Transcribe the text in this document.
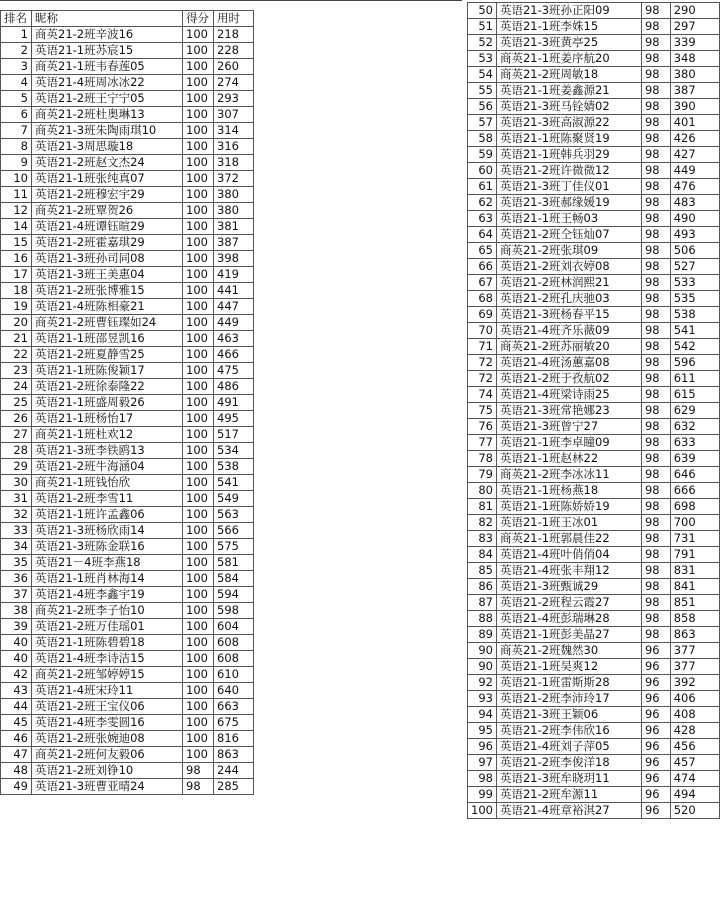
排名	昵称	得分	用时
1	商英21-2班辛波16	100	218
2	英语21-1班苏宸15	100	228
3	商英21-1班韦春莲05	100	260
4	英语21-4班周冰冰22	100	274
5	英语21-2班王宁宁05	100	293
6	商英21-2班杜奥琳13	100	307
7	商英21-3班朱陶雨琪10	100	314
8	英语21-3周思璇18	100	316
9	英语21-2班赵文杰24	100	318
10	英语21-1班张纯真07	100	372
11	英语21-2班穆宏宇29	100	380
12	商英21-2班覃贺26	100	380
14	英语21-4班谭钰暄29	100	381
15	英语21-2班霍嘉琪29	100	387
16	英语21-3班孙司同08	100	398
17	英语21-3班王美惠04	100	419
18	英语21-2班张博雅15	100	441
19	英语21-4班陈相豪21	100	447
20	商英21-2班曹钰璨如24	100	449
21	英语21-1班邵昱凯16	100	463
22	英语21-2班夏静雪25	100	466
23	英语21-1班陈俊颖17	100	475
24	英语21-2班徐泰隆22	100	486
25	英语21-1班盛周毅26	100	491
26	英语21-1班杨怡17	100	495
27	商英21-1班杜欢12	100	517
28	英语21-3班李铁鸥13	100	534
29	英语21-2班牛海涵04	100	538
30	商英21-1班钱怡欣	100	541
31	英语21-2班李雪11	100	549
32	英语21-1班许孟鑫06	100	563
33	英语21-3班杨欣雨14	100	566
34	英语21-3班陈金联16	100	575
35	英语21－4班李燕18	100	581
36	英语21-1班肖林海14	100	584
37	英语21-4班李鑫宇19	100	594
38	商英21-2班李子怡10	100	598
39	英语21-2班万佳瑶01	100	604
40	英语21-1班陈碧碧18	100	608
40	英语21-4班李诗洁15	100	608
42	商英21-2班邹婷婷15	100	610
43	英语21-4班宋玲11	100	640
44	英语21-2班王宝仪06	100	663
45	英语21-4班李雯圆16	100	675
46	英语21-2班张婉迪08	100	816
47	商英21-2班何友毅06	100	863
48	英语21-2班刘铮10	98	244
49	英语21-3班曹亚晴24	98	285
50	英语21-3班孙正阳09	98	290
51	英语21-1班李姝15	98	297
52	英语21-3班黄亭25	98	339
53	商英21-1班姜序航20	98	348
54	商英21-2班周敏18	98	380
55	英语21-1班姜鑫源21	98	387
56	英语21-3班马铨婧02	98	390
57	英语21-3班高淑源22	98	401
58	英语21-1班陈聚贤19	98	426
59	英语21-1班韩兵羽29	98	427
60	英语21-2班许微微12	98	449
61	英语21-3班丁佳仪01	98	476
62	英语21-3班郝缘媛19	98	483
63	英语21-1班王畅03	98	490
64	英语21-2班仝钰灿07	98	493
65	商英21-2班张琪09	98	506
66	英语21-2班刘衣婷08	98	527
67	英语21-2班林润熙21	98	533
68	英语21-2班孔庆驰03	98	535
69	英语21-3班杨春平15	98	538
70	英语21-4班齐乐薇09	98	541
71	商英21-2班苏丽敏20	98	542
72	英语21-4班汤蕙嘉08	98	596
72	英语21-2班于孜航02	98	611
74	英语21-4班梁诗雨25	98	615
75	英语21-3班常艳娜23	98	629
76	英语21-3班曾宁27	98	632
77	英语21-1班李卓瞳09	98	633
78	英语21-1班赵林22	98	639
79	商英21-2班李冰冰11	98	646
80	英语21-1班杨燕18	98	666
81	英语21-1班陈娇娇19	98	698
82	英语21-1班王冰01	98	700
83	商英21-1班郭晨佳22	98	731
84	英语21-4班叶俏俏04	98	791
85	英语21-4班张丰翔12	98	831
86	英语21-3班甄诚29	98	841
87	英语21-2班程云霞27	98	851
88	英语21-4班彭瑞琳28	98	858
89	英语21-1班彭美晶27	98	863
90	商英21-2班魏然30	96	377
90	英语21-1班吴爽12	96	377
92	英语21-1班雷斯斯28	96	392
93	英语21-2班李沛玲17	96	406
94	英语21-3班王颖06	96	408
95	英语21-2班李伟欣16	96	428
96	英语21-4班刘子萍05	96	456
97	英语21-2班李俊洋18	96	457
98	英语21-3班牟晓玥11	96	474
99	英语21-2班牟源11	96	494
100	英语21-4班章裕淇27	96	520
